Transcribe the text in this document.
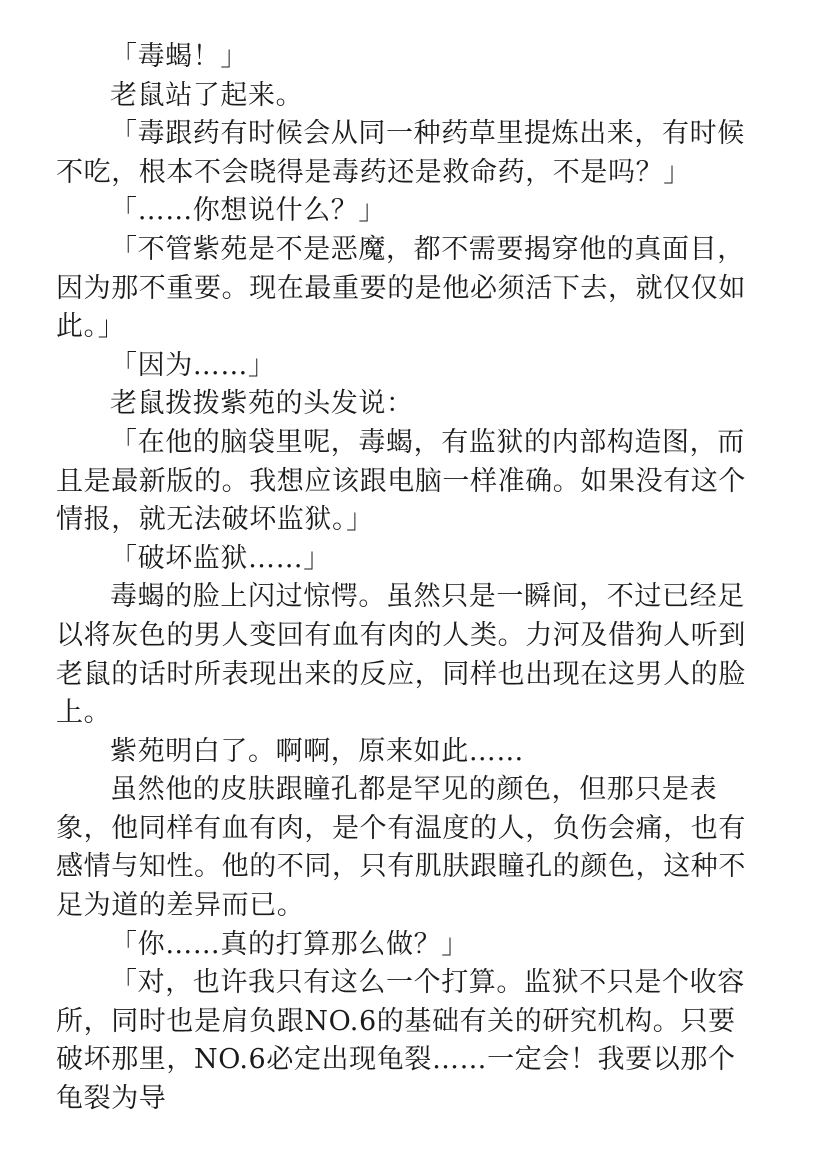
「毒蝎！」

老鼠站了起来。

「毒跟药有时候会从同一种药草里提炼出来，有时候不吃，根本不会晓得是毒药还是救命药，不是吗？」

「……你想说什么？」

「不管紫苑是不是恶魔，都不需要揭穿他的真面目，因为那不重要。现在最重要的是他必须活下去，就仅仅如
此。」

「因为……」

老鼠拨拨紫苑的头发说：

「在他的脑袋里呢，毒蝎，有监狱的内部构造图，而且是最新版的。我想应该跟电脑一样准确。如果没有这个情报，就无法破坏监狱。」

「破坏监狱……」

毒蝎的脸上闪过惊愕。虽然只是一瞬间，不过已经足以将灰色的男人变回有血有肉的人类。力河及借狗人听到老鼠的话时所表现出来的反应，同样也出现在这男人的脸上。

紫苑明白了。啊啊，原来如此……

虽然他的皮肤跟瞳孔都是罕见的颜色，但那只是表象，他同样有血有肉，是个有温度的人，负伤会痛，也有感情与知性。他的不同，只有肌肤跟瞳孔的颜色，这种不足为道的差异而已。

「你……真的打算那么做？」

「对，也许我只有这么一个打算。监狱不只是个收容所，同时也是肩负跟NO.6的基础有关的研究机构。只要破坏那里，NO.6必定出现龟裂……一定会！我要以那个龟裂为导
